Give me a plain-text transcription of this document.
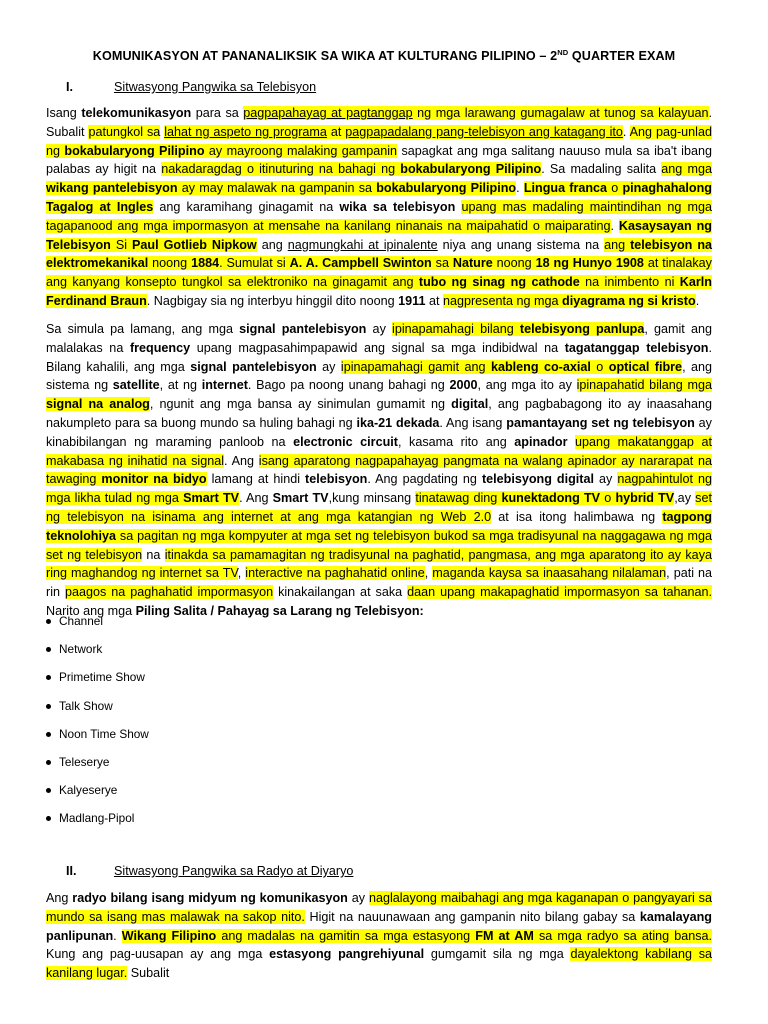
KOMUNIKASYON AT PANANALIKSIK SA WIKA AT KULTURANG PILIPINO – 2ND QUARTER EXAM
I.	Sitwasyong Pangwika sa Telebisyon
Isang telekomunikasyon para sa pagpapahayag at pagtanggap ng mga larawang gumagalaw at tunog sa kalayuan. Subalit patungkol sa lahat ng aspeto ng programa at pagpapadalang pang-telebisyon ang katagang ito. Ang pag-unlad ng bokabularyong Pilipino ay mayroong malaking gampanin sapagkat ang mga salitang nauuso mula sa iba't ibang palabas ay higit na nakadaragdag o itinuturing na bahagi ng bokabularyong Pilipino. Sa madaling salita ang mga wikang pantelebisyon ay may malawak na gampanin sa bokabularyong Pilipino. Lingua franca o pinaghahalong Tagalog at Ingles ang karamihang ginagamit na wika sa telebisyon upang mas madaling maintindihan ng mga tagapanood ang mga impormasyon at mensahe na kanilang ninanais na maipahatid o maiparating. Kasaysayan ng Telebisyon Si Paul Gotlieb Nipkow ang nagmungkahi at ipinalente niya ang unang sistema na ang telebisyon na elektromekanikal noong 1884. Sumulat si A. A. Campbell Swinton sa Nature noong 18 ng Hunyo 1908 at tinalakay ang kanyang konsepto tungkol sa elektroniko na ginagamit ang tubo ng sinag ng cathode na inimbento ni Karln Ferdinand Braun. Nagbigay sia ng interbyu hinggil dito noong 1911 at nagpresenta ng mga diyagrama ng si kristo.
Sa simula pa lamang, ang mga signal pantelebisyon ay ipinapamahagi bilang telebisyong panlupa, gamit ang malalakas na frequency upang magpasahimpapawid ang signal sa mga indibidwal na tagatanggap telebisyon. Bilang kahalili, ang mga signal pantelebisyon ay ipinapamahagi gamit ang kableng co-axial o optical fibre, ang sistema ng satellite, at ng internet. Bago pa noong unang bahagi ng 2000, ang mga ito ay ipinapahatid bilang mga signal na analog, ngunit ang mga bansa ay sinimulan gumamit ng digital, ang pagbabagong ito ay inaasahang nakumpleto para sa buong mundo sa huling bahagi ng ika-21 dekada. Ang isang pamantayang set ng telebisyon ay kinabibilangan ng maraming panloob na electronic circuit, kasama rito ang apinador upang makatanggap at makabasa ng inihatid na signal. Ang isang aparatong nagpapahayag pangmata na walang apinador ay nararapat na tawaging monitor na bidyo lamang at hindi telebisyon. Ang pagdating ng telebisyong digital ay nagpahintulot ng mga likha tulad ng mga Smart TV. Ang Smart TV,kung minsang tinatawag ding kunektadong TV o hybrid TV,ay set ng telebisyon na isinama ang internet at ang mga katangian ng Web 2.0 at isa itong halimbawa ng tagpong teknolohiya sa pagitan ng mga kompyuter at mga set ng telebisyon bukod sa mga tradisyunal na naggagawa ng mga set ng telebisyon na itinakda sa pamamagitan ng tradisyunal na paghatid, pangmasa, ang mga aparatong ito ay kaya ring maghandog ng internet sa TV, interactive na paghahatid online, maganda kaysa sa inaasahang nilalaman, pati na rin paagos na paghahatid impormasyon kinakailangan at saka daan upang makapaghatid impormasyon sa tahanan. Narito ang mga Piling Salita / Pahayag sa Larang ng Telebisyon:
Channel
Network
Primetime Show
Talk Show
Noon Time Show
Teleserye
Kalyeserye
Madlang-Pipol
II.	Sitwasyong Pangwika sa Radyo at Diyaryo
Ang radyo bilang isang midyum ng komunikasyon ay naglalayong maibahagi ang mga kaganapan o pangyayari sa mundo sa isang mas malawak na sakop nito. Higit na nauunawaan ang gampanin nito bilang gabay sa kamalayang panlipunan. Wikang Filipino ang madalas na gamitin sa mga estasyong FM at AM sa mga radyo sa ating bansa. Kung ang pag-uusapan ay ang mga estasyong pangrehiyunal gumgamit sila ng mga dayalektong kabilang sa kanilang lugar. Subalit
